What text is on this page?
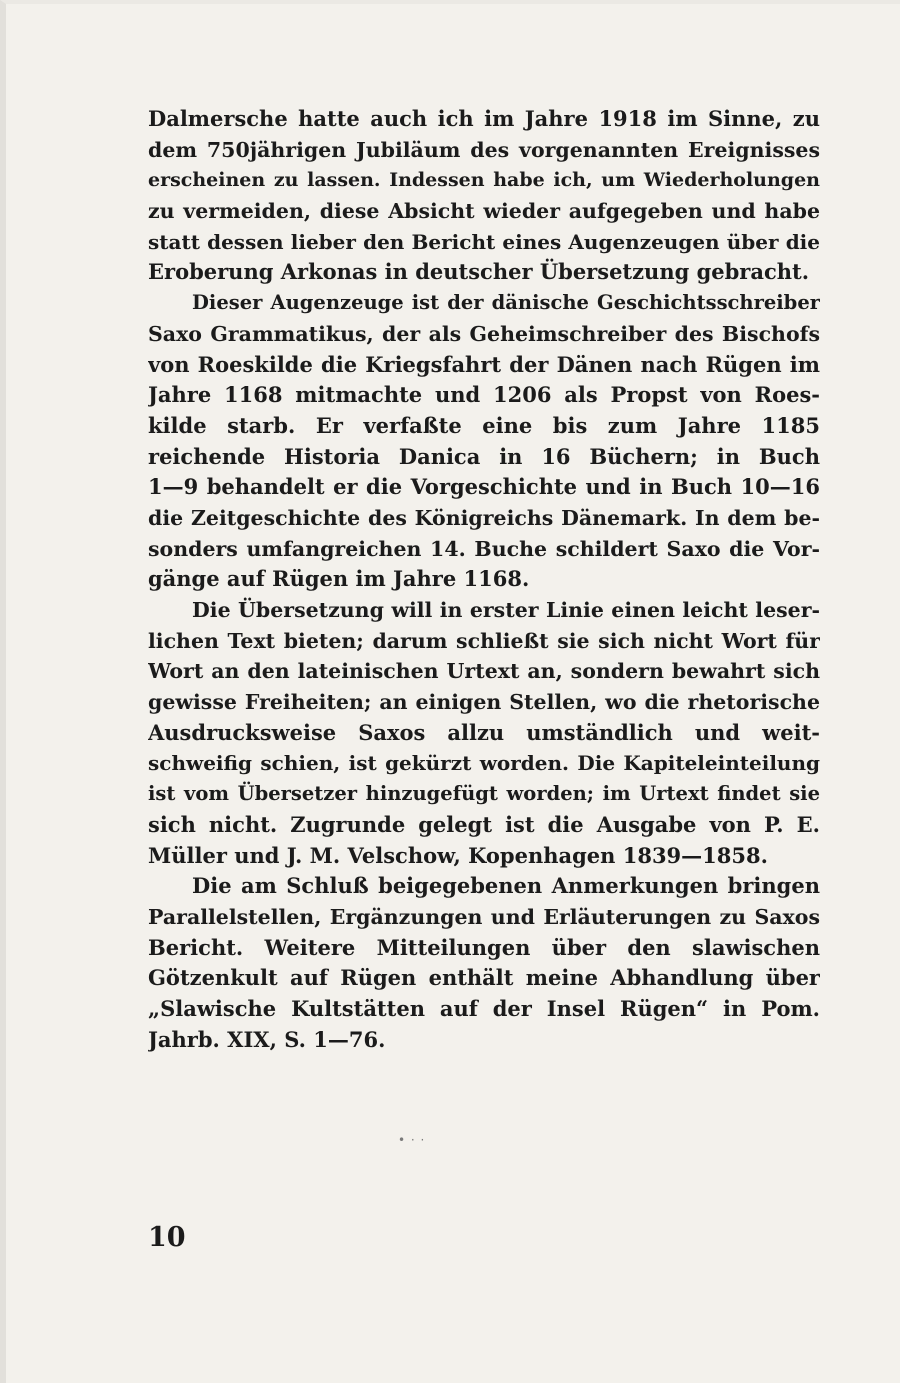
Dalmersche hatte auch ich im Jahre 1918 im Sinne, zu
dem 750jährigen Jubiläum des vorgenannten Ereignisses
erscheinen zu lassen. Indessen habe ich, um Wiederholungen
zu vermeiden, diese Absicht wieder aufgegeben und habe
statt dessen lieber den Bericht eines Augenzeugen über die
Eroberung Arkonas in deutscher Übersetzung gebracht.
Dieser Augenzeuge ist der dänische Geschichtsschreiber
Saxo Grammatikus, der als Geheimschreiber des Bischofs
von Roeskilde die Kriegsfahrt der Dänen nach Rügen im
Jahre 1168 mitmachte und 1206 als Propst von Roes-
kilde starb. Er verfaßte eine bis zum Jahre 1185
reichende Historia Danica in 16 Büchern; in Buch
1—9 behandelt er die Vorgeschichte und in Buch 10—16
die Zeitgeschichte des Königreichs Dänemark. In dem be-
sonders umfangreichen 14. Buche schildert Saxo die Vor-
gänge auf Rügen im Jahre 1168.
Die Übersetzung will in erster Linie einen leicht leser-
lichen Text bieten; darum schließt sie sich nicht Wort für
Wort an den lateinischen Urtext an, sondern bewahrt sich
gewisse Freiheiten; an einigen Stellen, wo die rhetorische
Ausdrucksweise Saxos allzu umständlich und weit-
schweifig schien, ist gekürzt worden. Die Kapiteleinteilung
ist vom Übersetzer hinzugefügt worden; im Urtext findet sie
sich nicht. Zugrunde gelegt ist die Ausgabe von P. E.
Müller und J. M. Velschow, Kopenhagen 1839—1858.
Die am Schluß beigegebenen Anmerkungen bringen
Parallelstellen, Ergänzungen und Erläuterungen zu Saxos
Bericht. Weitere Mitteilungen über den slawischen
Götzenkult auf Rügen enthält meine Abhandlung über
„Slawische Kultstätten auf der Insel Rügen“ in Pom.
Jahrb. XIX, S. 1—76.
• · ·
10
